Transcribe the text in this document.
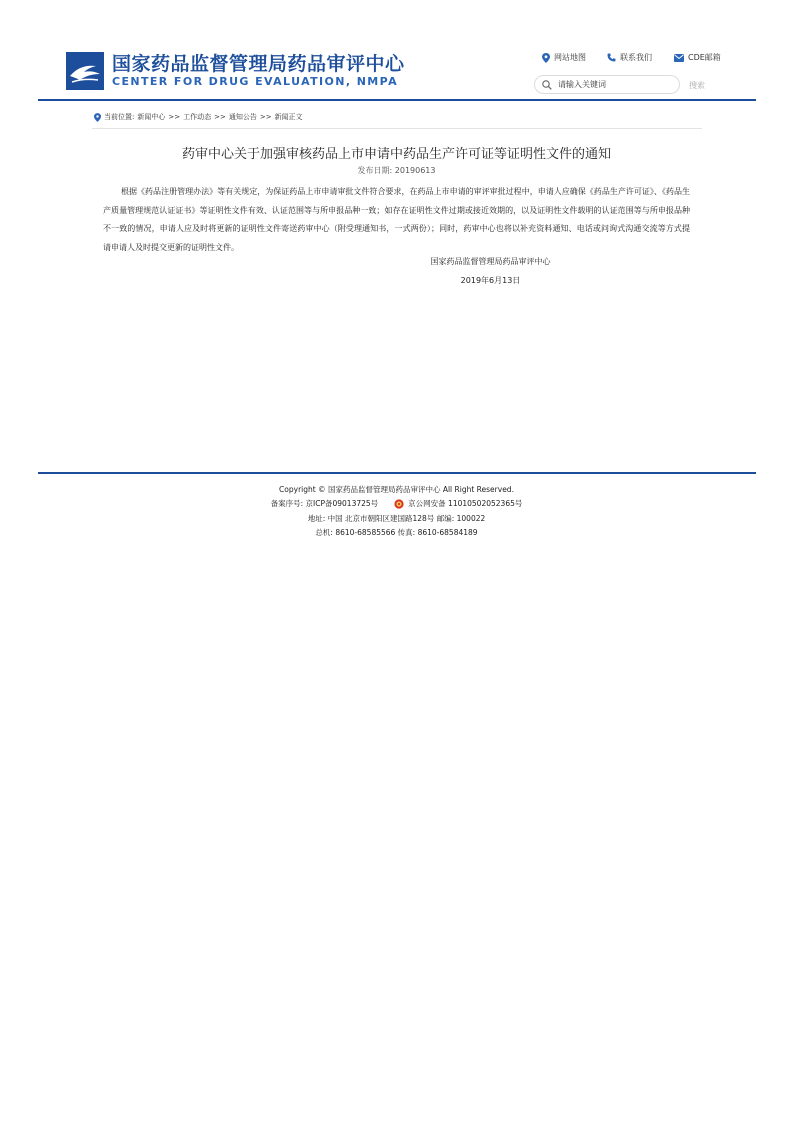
国家药品监督管理局药品审评中心
CENTER FOR DRUG EVALUATION, NMPA
网站地图	联系我们	CDE邮箱
请输入关键词
搜索
当前位置: 新闻中心 >> 工作动态 >> 通知公告 >> 新闻正文
药审中心关于加强审核药品上市申请中药品生产许可证等证明性文件的通知
发布日期: 20190613

根据《药品注册管理办法》等有关规定，为保证药品上市申请审批文件符合要求，在药品上市申请的审评审批过程中，申请人应确保《药品生产许可证》、《药品生产质量管理规范认证证书》等证明性文件有效、认证范围等与所申报品种一致；如存在证明性文件过期或接近效期的，以及证明性文件载明的认证范围等与所申报品种不一致的情况，申请人应及时将更新的证明性文件寄送药审中心（附受理通知书，一式两份）；同时，药审中心也将以补充资料通知、电话或问询式沟通交流等方式提请申请人及时提交更新的证明性文件。

国家药品监督管理局药品审评中心
2019年6月13日
Copyright © 国家药品监督管理局药品审评中心 All Right Reserved.
备案序号: 京ICP备09013725号	京公网安备 11010502052365号
地址: 中国 北京市朝阳区建国路128号 邮编: 100022
总机: 8610-68585566 传真: 8610-68584189
